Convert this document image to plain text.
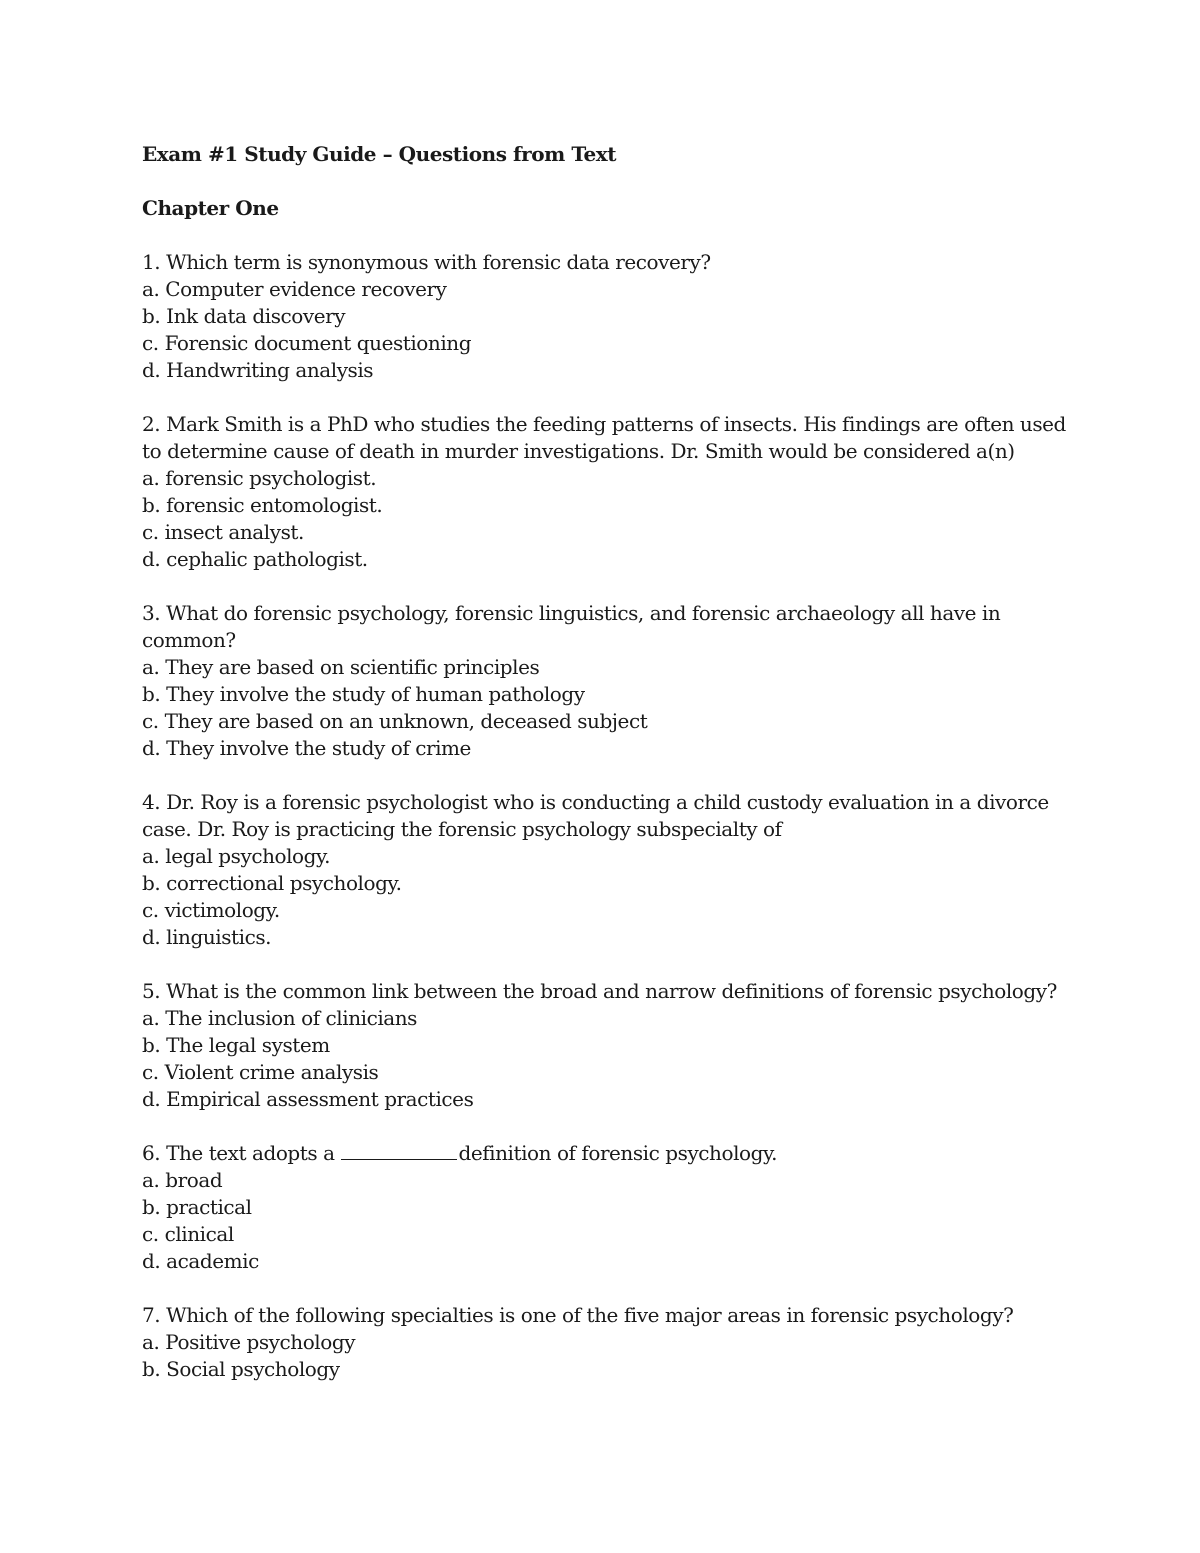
Exam #1 Study Guide – Questions from Text
Chapter One
1. Which term is synonymous with forensic data recovery?
a. Computer evidence recovery
b. Ink data discovery
c. Forensic document questioning
d. Handwriting analysis
2. Mark Smith is a PhD who studies the feeding patterns of insects. His findings are often used to determine cause of death in murder investigations. Dr. Smith would be considered a(n)
a. forensic psychologist.
b. forensic entomologist.
c. insect analyst.
d. cephalic pathologist.
3. What do forensic psychology, forensic linguistics, and forensic archaeology all have in common?
a. They are based on scientific principles
b. They involve the study of human pathology
c. They are based on an unknown, deceased subject
d. They involve the study of crime
4. Dr. Roy is a forensic psychologist who is conducting a child custody evaluation in a divorce case. Dr. Roy is practicing the forensic psychology subspecialty of
a. legal psychology.
b. correctional psychology.
c. victimology.
d. linguistics.
5. What is the common link between the broad and narrow definitions of forensic psychology?
a. The inclusion of clinicians
b. The legal system
c. Violent crime analysis
d. Empirical assessment practices
6. The text adopts a	definition of forensic psychology.
a. broad
b. practical
c. clinical
d. academic
7. Which of the following specialties is one of the five major areas in forensic psychology?
a. Positive psychology
b. Social psychology
